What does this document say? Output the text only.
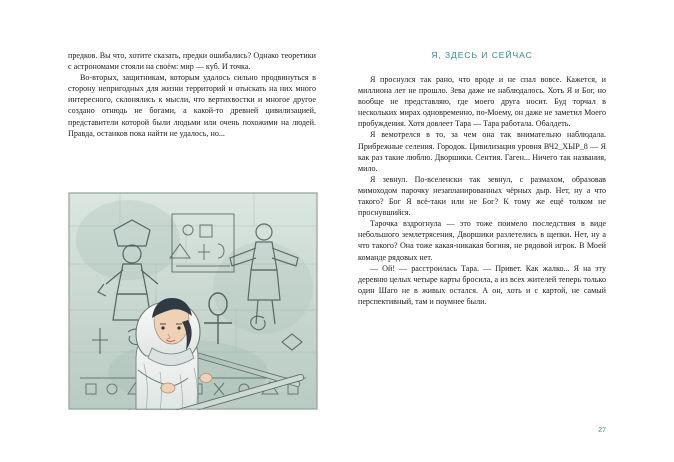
предков. Вы что, хотите сказать, предки ошибались? Однако теоретики с астрономами стояли на своём: мир — куб. И точка.

Во-вторых, защитникам, которым удалось сильно продвинуться в сторону непригодных для жизни территорий и отыскать на них много интересного, склонялись к мысли, что вертихвостки и многое другое создано отнюдь не богами, а какой-то древней цивилизацией, представители которой были людьми или очень похожими на людей. Правда, останков пока найти не удалось, но...

Я, ЗДЕСЬ И СЕЙЧАС

Я проснулся так рано, что вроде и не спал вовсе. Кажется, и миллиона лет не прошло. Зева даже не наблюдалось. Хоть Я и Бог, но вообще не представляю, где моего друга носит. Буд торчал в нескольких мирах одновременно, по-Моему, он даже не заметил Моего пробуждения. Хотя довлеет Тара — Тара работала. Обалдеть.

Я вемотрелся в то, за чем она так внимательно наблюдала. Прибрежные селения. Городок. Цивилизация уровня ВЧ2_ХЫР_8 — Я как раз такие люблю. Дворшики. Сентия. Гаген... Ничего так названия, мило.

Я зевнул. По-вселенски так зевнул, с размахом, образовав мимоходом парочку незапланированных чёрных дыр. Нет, ну а что такого? Бог Я всё-таки или не Бог? К тому же ещё толком не проснувшийся.

Тарочка вздрогнула — это тоже поимело последствия в виде небольшого землетрясения, Дворшики разлетелись в щепки. Нет, ну а что такого? Она тоже какая-никакая богиня, не рядовой игрок. В Моей команде рядовых нет.

— Ой! — расстроилась Тара. — Привет. Как жалко... Я на эту деревню целых четыре карты бросила, а из всех жителей теперь только один Шаго не в живых остался. А он, хоть и с картой, не самый перспективный, там и поумнее были.

27
